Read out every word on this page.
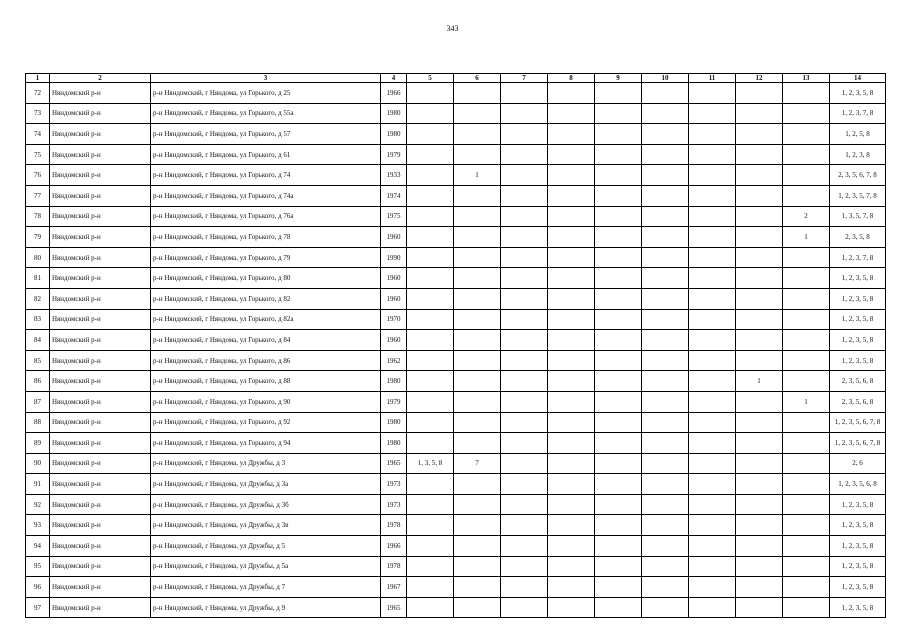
343
1	2	3	4	5	6	7	8	9	10	11	12	13	14
72	Няндомский р-н	р-н Няндомский, г Няндома, ул Горького, д 25	1966										1, 2, 3, 5, 8
73	Няндомский р-н	р-н Няндомский, г Няндома, ул Горького, д 55а	1980										1, 2, 3, 7, 8
74	Няндомский р-н	р-н Няндомский, г Няндома, ул Горького, д 57	1980										1, 2, 5, 8
75	Няндомский р-н	р-н Няндомский, г Няндома, ул Горького, д 61	1979										1, 2, 3, 8
76	Няндомский р-н	р-н Няндомский, г Няндома, ул Горького, д 74	1933		1								2, 3, 5, 6, 7, 8
77	Няндомский р-н	р-н Няндомский, г Няндома, ул Горького, д 74а	1974										1, 2, 3, 5, 7, 8
78	Няндомский р-н	р-н Няндомский, г Няндома, ул Горького, д 76а	1975									2	1, 3, 5, 7, 8
79	Няндомский р-н	р-н Няндомский, г Няндома, ул Горького, д 78	1960									1	2, 3, 5, 8
80	Няндомский р-н	р-н Няндомский, г Няндома, ул Горького, д 79	1990										1, 2, 3, 7, 8
81	Няндомский р-н	р-н Няндомский, г Няндома, ул Горького, д 80	1960										1, 2, 3, 5, 8
82	Няндомский р-н	р-н Няндомский, г Няндома, ул Горького, д 82	1960										1, 2, 3, 5, 8
83	Няндомский р-н	р-н Няндомский, г Няндома, ул Горького, д 82а	1970										1, 2, 3, 5, 8
84	Няндомский р-н	р-н Няндомский, г Няндома, ул Горького, д 84	1960										1, 2, 3, 5, 8
85	Няндомский р-н	р-н Няндомский, г Няндома, ул Горького, д 86	1962										1, 2, 3, 5, 8
86	Няндомский р-н	р-н Няндомский, г Няндома, ул Горького, д 88	1980								1		2, 3, 5, 6, 8
87	Няндомский р-н	р-н Няндомский, г Няндома, ул Горького, д 90	1979									1	2, 3, 5, 6, 8
88	Няндомский р-н	р-н Няндомский, г Няндома, ул Горького, д 92	1980										1, 2, 3, 5, 6, 7, 8
89	Няндомский р-н	р-н Няндомский, г Няндома, ул Горького, д 94	1980										1, 2, 3, 5, 6, 7, 8
90	Няндомский р-н	р-н Няндомский, г Няндома, ул Дружбы, д 3	1965	1, 3, 5, 8	7								2, 6
91	Няндомский р-н	р-н Няндомский, г Няндома, ул Дружбы, д 3а	1973										1, 2, 3, 5, 6, 8
92	Няндомский р-н	р-н Няндомский, г Няндома, ул Дружбы, д 3б	1973										1, 2, 3, 5, 8
93	Няндомский р-н	р-н Няндомский, г Няндома, ул Дружбы, д 3в	1978										1, 2, 3, 5, 8
94	Няндомский р-н	р-н Няндомский, г Няндома, ул Дружбы, д 5	1966										1, 2, 3, 5, 8
95	Няндомский р-н	р-н Няндомский, г Няндома, ул Дружбы, д 5а	1978										1, 2, 3, 5, 8
96	Няндомский р-н	р-н Няндомский, г Няндома, ул Дружбы, д 7	1967										1, 2, 3, 5, 8
97	Няндомский р-н	р-н Няндомский, г Няндома, ул Дружбы, д 9	1965										1, 2, 3, 5, 8
